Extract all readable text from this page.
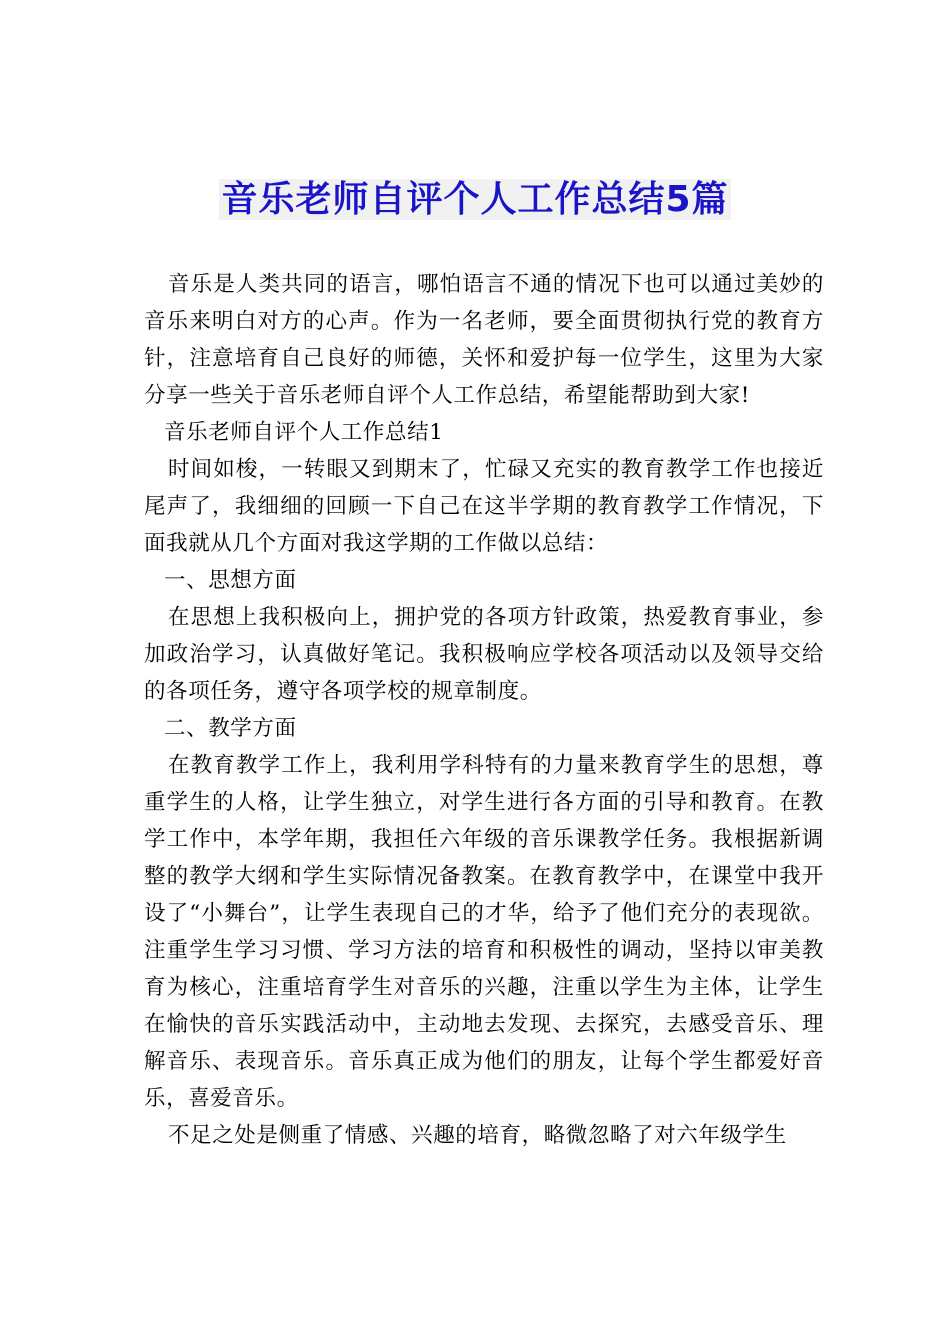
音乐老师自评个人工作总结5篇

音乐是人类共同的语言，哪怕语言不通的情况下也可以通过美妙的音乐来明白对方的心声。作为一名老师，要全面贯彻执行党的教育方针，注意培育自己良好的师德，关怀和爱护每一位学生，这里为大家分享一些关于音乐老师自评个人工作总结，希望能帮助到大家!

音乐老师自评个人工作总结1

时间如梭，一转眼又到期末了，忙碌又充实的教育教学工作也接近尾声了，我细细的回顾一下自己在这半学期的教育教学工作情况，下面我就从几个方面对我这学期的工作做以总结：

一、思想方面

在思想上我积极向上，拥护党的各项方针政策，热爱教育事业，参加政治学习，认真做好笔记。我积极响应学校各项活动以及领导交给的各项任务，遵守各项学校的规章制度。

二、教学方面

在教育教学工作上，我利用学科特有的力量来教育学生的思想，尊重学生的人格，让学生独立，对学生进行各方面的引导和教育。在教学工作中，本学年期，我担任六年级的音乐课教学任务。我根据新调整的教学大纲和学生实际情况备教案。在教育教学中，在课堂中我开设了“小舞台”，让学生表现自己的才华，给予了他们充分的表现欲。注重学生学习习惯、学习方法的培育和积极性的调动，坚持以审美教育为核心，注重培育学生对音乐的兴趣，注重以学生为主体，让学生在愉快的音乐实践活动中，主动地去发现、去探究，去感受音乐、理解音乐、表现音乐。音乐真正成为他们的朋友，让每个学生都爱好音乐，喜爱音乐。

不足之处是侧重了情感、兴趣的培育，略微忽略了对六年级学生
